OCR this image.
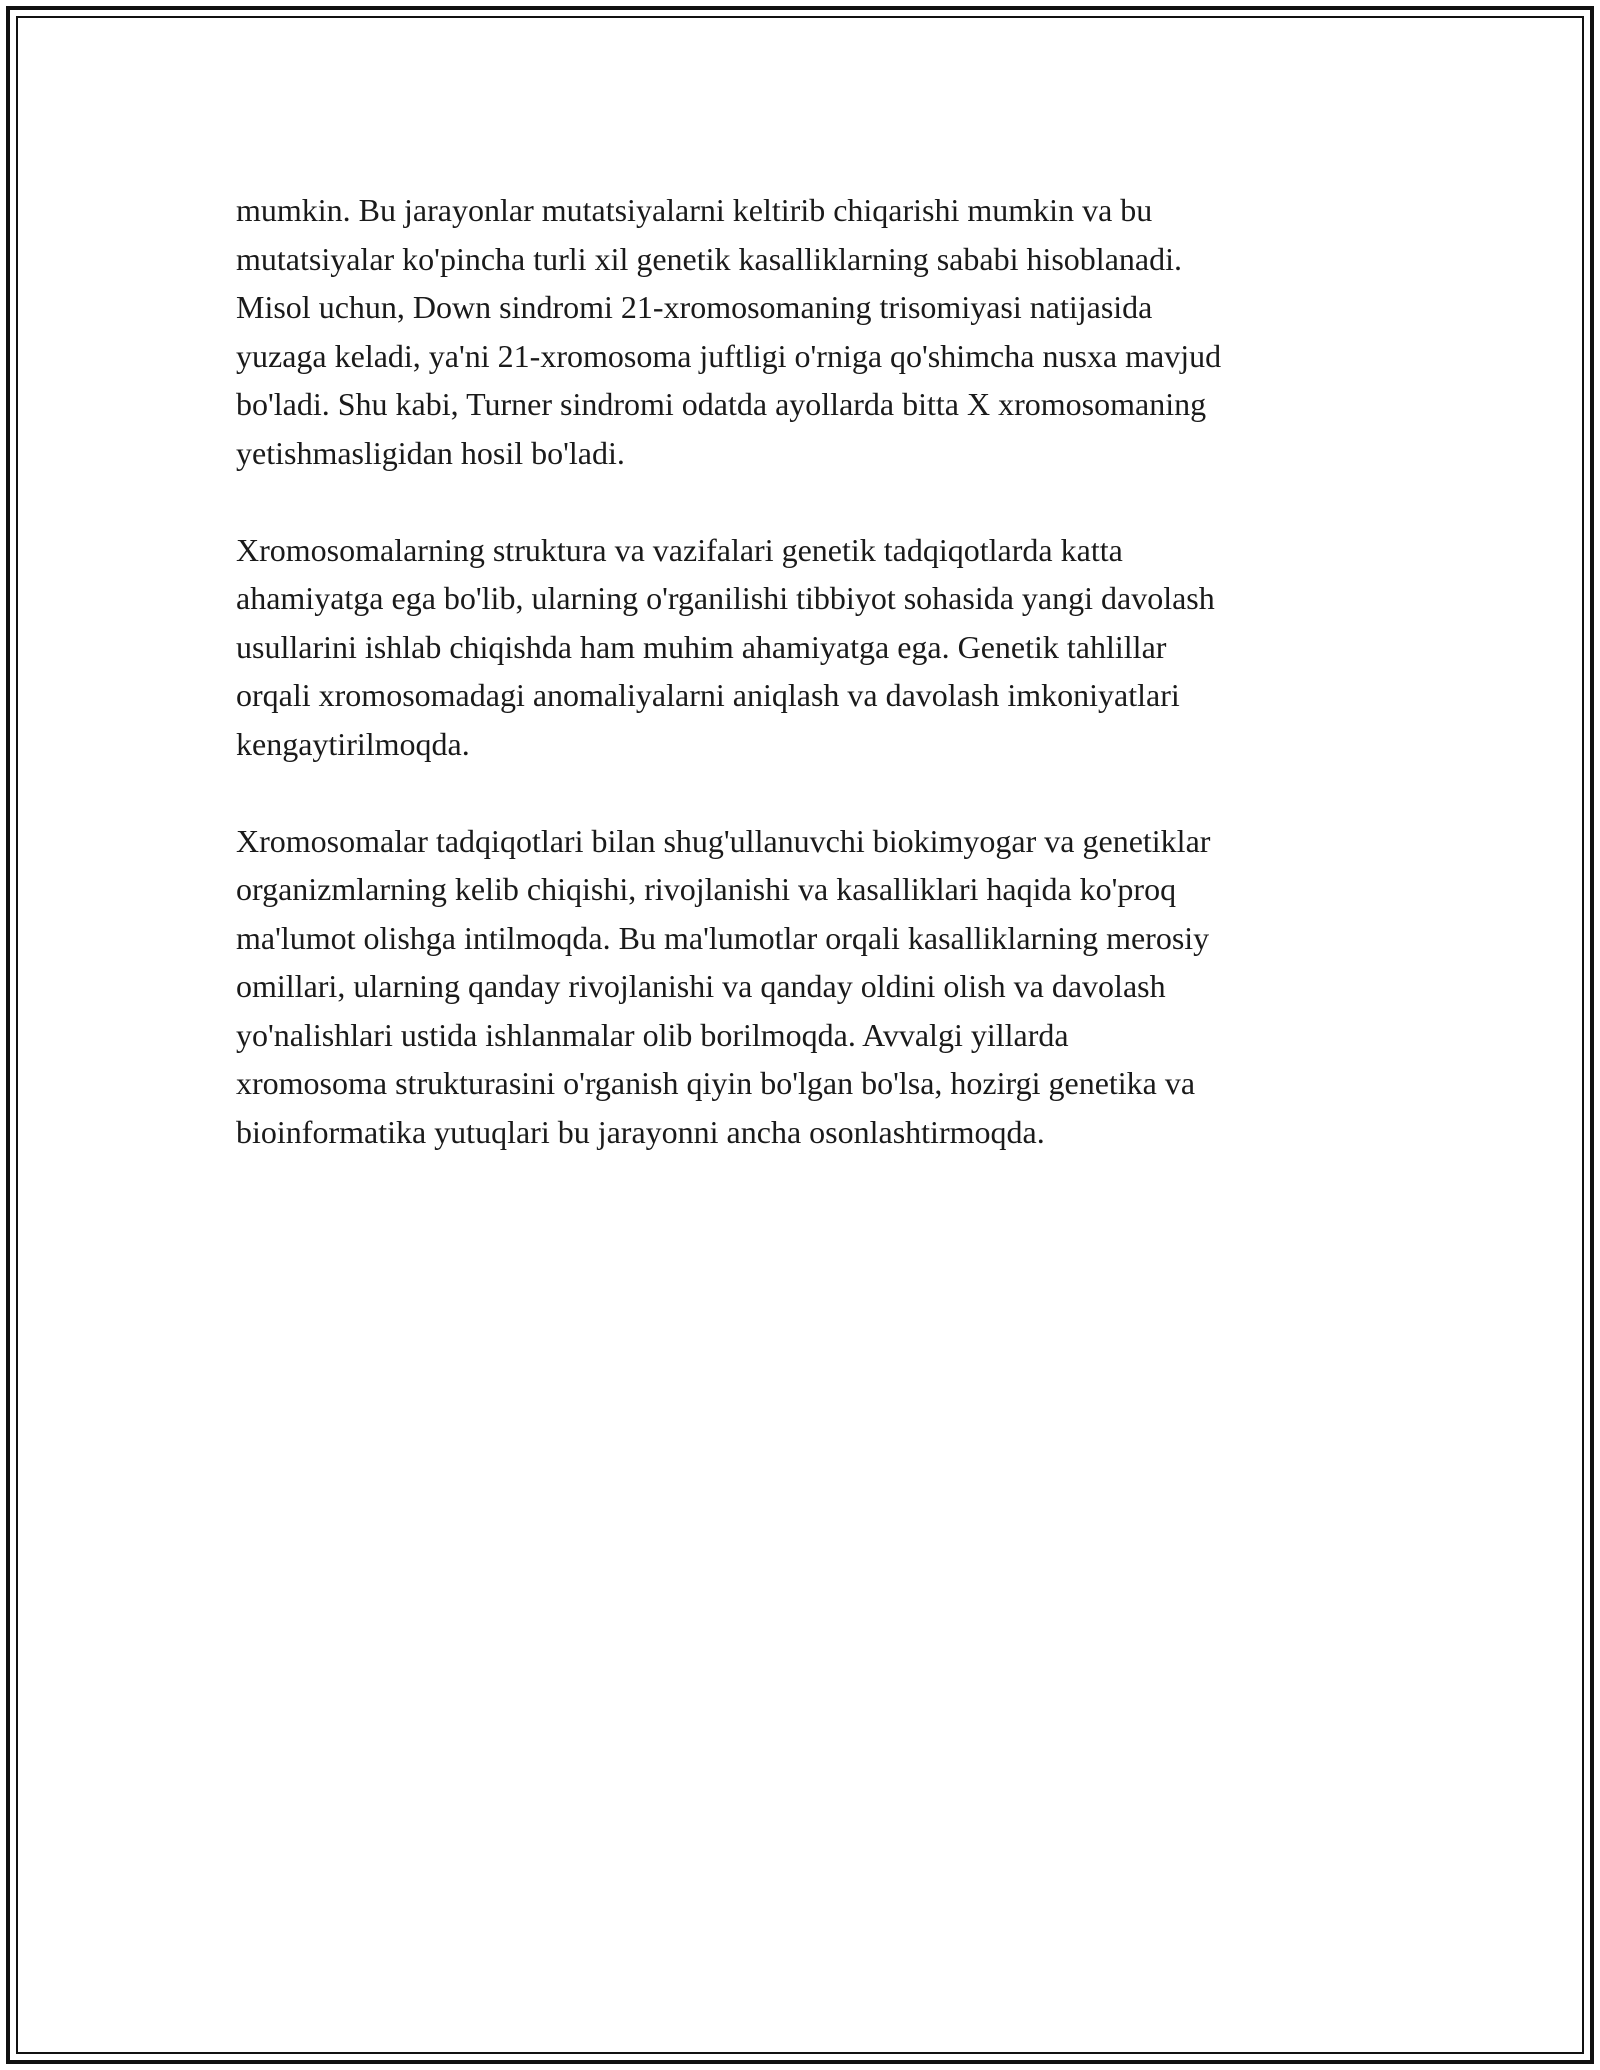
mumkin. Bu jarayonlar mutatsiyalarni keltirib chiqarishi mumkin va bu
mutatsiyalar ko'pincha turli xil genetik kasalliklarning sababi hisoblanadi.
Misol uchun, Down sindromi 21-xromosomaning trisomiyasi natijasida
yuzaga keladi, ya'ni 21-xromosoma juftligi o'rniga qo'shimcha nusxa mavjud
bo'ladi. Shu kabi, Turner sindromi odatda ayollarda bitta X xromosomaning
yetishmasligidan hosil bo'ladi.

Xromosomalarning struktura va vazifalari genetik tadqiqotlarda katta
ahamiyatga ega bo'lib, ularning o'rganilishi tibbiyot sohasida yangi davolash
usullarini ishlab chiqishda ham muhim ahamiyatga ega. Genetik tahlillar
orqali xromosomadagi anomaliyalarni aniqlash va davolash imkoniyatlari
kengaytirilmoqda.

Xromosomalar tadqiqotlari bilan shug'ullanuvchi biokimyogar va genetiklar
organizmlarning kelib chiqishi, rivojlanishi va kasalliklari haqida ko'proq
ma'lumot olishga intilmoqda. Bu ma'lumotlar orqali kasalliklarning merosiy
omillari, ularning qanday rivojlanishi va qanday oldini olish va davolash
yo'nalishlari ustida ishlanmalar olib borilmoqda. Avvalgi yillarda
xromosoma strukturasini o'rganish qiyin bo'lgan bo'lsa, hozirgi genetika va
bioinformatika yutuqlari bu jarayonni ancha osonlashtirmoqda.
